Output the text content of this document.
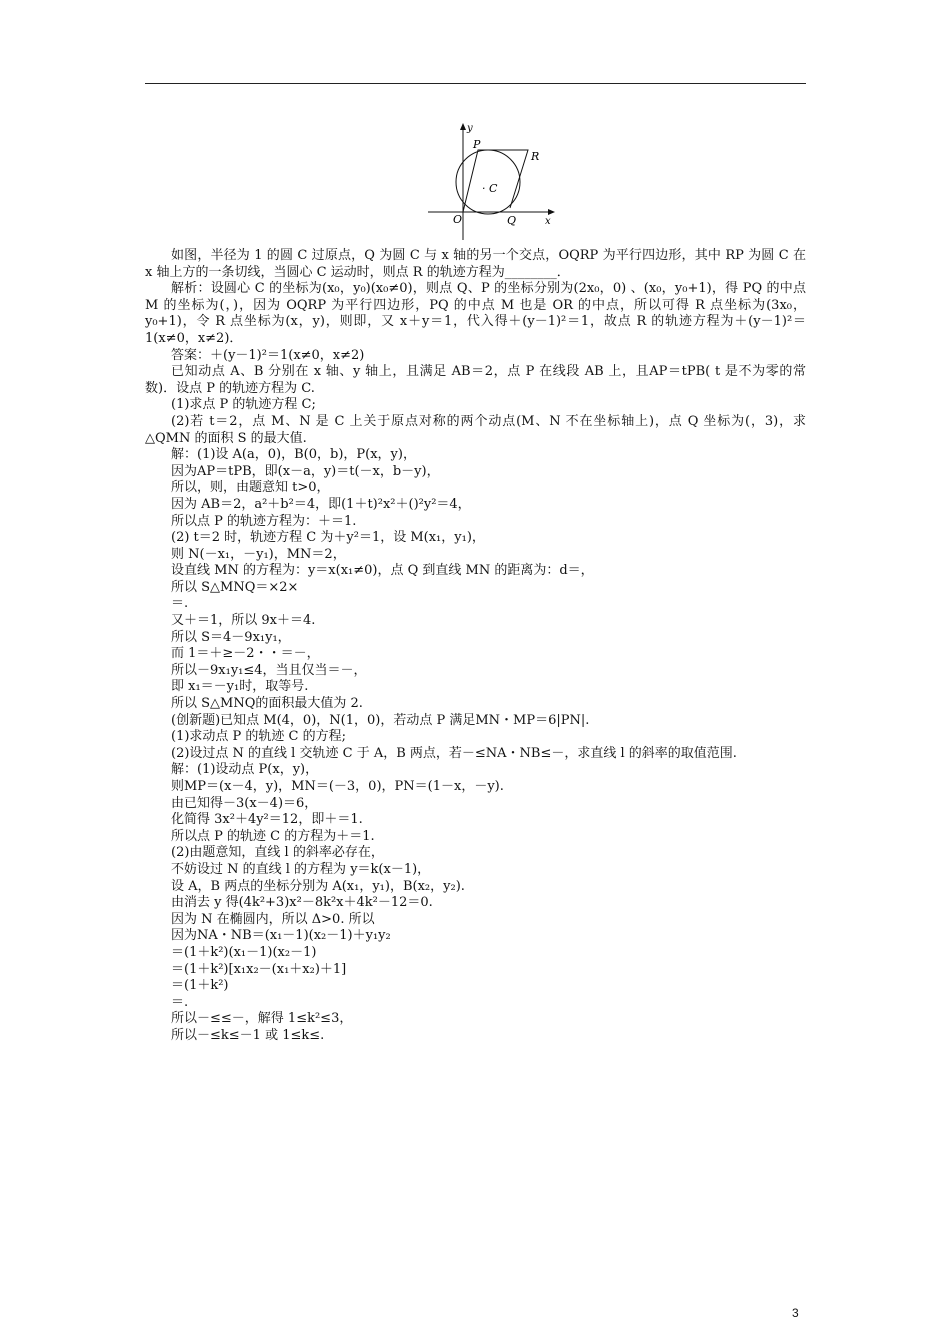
y
x
P
R
· C
O	Q

如图，半径为 1 的圆 C 过原点，Q 为圆 C 与 x 轴的另一个交点，OQRP 为平行四边形，其中 RP 为圆 C 在 x 轴上方的一条切线，当圆心 C 运动时，则点 R 的轨迹方程为________．

解析：设圆心 C 的坐标为(x₀，y₀)(x₀≠0)，则点 Q、P 的坐标分别为(2x₀，0) 、(x₀，y₀+1)，得 PQ 的中点 M 的坐标为(，)，因为 OQRP 为平行四边形，PQ 的中点 M 也是 OR 的中点，所以可得 R 点坐标为(3x₀，y₀+1)，令 R 点坐标为(x，y)，则即，又 x＋y＝1，代入得＋(y－1)²＝1，故点 R 的轨迹方程为＋(y－1)²＝1(x≠0，x≠2)．

答案：＋(y－1)²＝1(x≠0，x≠2)

已知动点 A、B 分别在 x 轴、y 轴上，且满足 AB＝2，点 P 在线段 AB 上，且AP＝tPB( t 是不为零的常数)．设点 P 的轨迹方程为 C.

(1)求点 P 的轨迹方程 C;

(2)若 t＝2，点 M、N 是 C 上关于原点对称的两个动点(M、N 不在坐标轴上)，点 Q 坐标为(，3)，求△QMN 的面积 S 的最大值.

解：(1)设 A(a，0)，B(0，b)，P(x，y)，

因为AP＝tPB，即(x－a，y)＝t(－x，b－y)，

所以，则，由题意知 t>0，

因为 AB＝2，a²＋b²＝4，即(1＋t)²x²＋()²y²＝4，

所以点 P 的轨迹方程为：＋＝1.

(2) t＝2 时，轨迹方程 C 为＋y²＝1，设 M(x₁，y₁)，

则 N(－x₁，－y₁)，MN＝2，

设直线 MN 的方程为：y＝x(x₁≠0)，点 Q 到直线 MN 的距离为：d＝，

所以 S△MNQ＝×2×

＝.

又＋＝1，所以 9x＋＝4.

所以 S＝4－9x₁y₁，

而 1＝＋≥－2・・＝－，

所以－9x₁y₁≤4，当且仅当＝－，

即 x₁＝－y₁时，取等号.

所以 S△MNQ的面积最大值为 2.

(创新题)已知点 M(4，0)，N(1，0)，若动点 P 满足MN・MP＝6|PN|.

(1)求动点 P 的轨迹 C 的方程;

(2)设过点 N 的直线 l 交轨迹 C 于 A，B 两点，若－≤NA・NB≤－，求直线 l 的斜率的取值范围.

解：(1)设动点 P(x，y)，

则MP＝(x－4，y)，MN＝(－3，0)，PN＝(1－x，－y).

由已知得－3(x－4)＝6，

化简得 3x²＋4y²＝12，即＋＝1.

所以点 P 的轨迹 C 的方程为＋＝1.

(2)由题意知，直线 l 的斜率必存在，

不妨设过 N 的直线 l 的方程为 y＝k(x－1)，

设 A，B 两点的坐标分别为 A(x₁，y₁)，B(x₂，y₂).

由消去 y 得(4k²+3)x²－8k²x＋4k²－12＝0.

因为 N 在椭圆内，所以 Δ>0. 所以

因为NA・NB＝(x₁－1)(x₂－1)＋y₁y₂

＝(1＋k²)(x₁－1)(x₂－1)

＝(1＋k²)[x₁x₂－(x₁＋x₂)＋1]

＝(1＋k²)

＝.

所以－≤≤－，解得 1≤k²≤3，

所以－≤k≤－1 或 1≤k≤.

3
